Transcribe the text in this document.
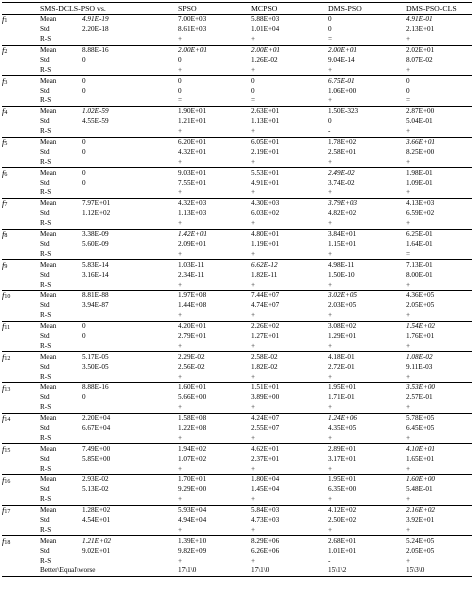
	SMS-DCLS-PSO vs.		SPSO	MCPSO	DMS-PSO	DMS-PSO-CLS
f1	Mean	4.91E-19	7.00E+03	5.88E+03	0	4.91E-01
	Std	2.20E-18	8.61E+03	1.01E+04	0	2.13E+01
	R-S		+	+	=	+
f2	Mean	8.88E-16	2.00E+01	2.00E+01	2.00E+01	2.02E+01
	Std	0	0	1.26E-02	9.04E-14	8.07E-02
	R-S		+	+	+	+
f3	Mean	0	0	0	6.75E-01	0
	Std	0	0	0	1.06E+00	0
	R-S		=	=	+	=
f4	Mean	1.02E-59	1.90E+01	2.63E+01	1.50E-323	2.87E+00
	Std	4.55E-59	1.21E+01	1.13E+01	0	5.04E-01
	R-S		+	+	-	+
f5	Mean	0	6.20E+01	6.05E+01	1.78E+02	3.66E+01
	Std	0	4.32E+01	2.19E+01	2.58E+01	8.25E+00
	R-S		+	+	+	+
f6	Mean	0	9.03E+01	5.53E+01	2.49E-02	1.98E-01
	Std	0	7.55E+01	4.91E+01	3.74E-02	1.09E-01
	R-S		+	+	+	+
f7	Mean	7.97E+01	4.32E+03	4.30E+03	3.79E+03	4.13E+03
	Std	1.12E+02	1.13E+03	6.03E+02	4.82E+02	6.59E+02
	R-S		+	+	+	+
f8	Mean	3.38E-09	1.42E+01	4.80E+01	3.84E+01	6.25E-01
	Std	5.60E-09	2.09E+01	1.19E+01	1.15E+01	1.64E-01
	R-S		+	+	+	=
f9	Mean	5.83E-14	1.03E-11	6.62E-12	4.98E-11	7.13E-01
	Std	3.16E-14	2.34E-11	1.82E-11	1.50E-10	8.00E-01
	R-S		+	+	+	+
f10	Mean	8.81E-88	1.97E+08	7.44E+07	3.02E+05	4.36E+05
	Std	3.94E-87	1.44E+08	4.74E+07	2.03E+05	2.05E+05
	R-S		+	+	+	+
f11	Mean	0	4.20E+01	2.26E+02	3.08E+02	1.54E+02
	Std	0	2.79E+01	1.27E+01	1.29E+01	1.76E+01
	R-S		+	+	+	+
f12	Mean	5.17E-05	2.29E-02	2.58E-02	4.18E-01	1.08E-02
	Std	3.50E-05	2.56E-02	1.82E-02	2.72E-01	9.11E-03
	R-S		+	+	+	+
f13	Mean	8.88E-16	1.60E+01	1.51E+01	1.95E+01	3.53E+00
	Std	0	5.66E+00	3.89E+00	1.71E-01	2.57E-01
	R-S		+	+	+	+
f14	Mean	2.20E+04	1.58E+08	4.24E+07	1.24E+06	5.78E+05
	Std	6.67E+04	1.22E+08	2.55E+07	4.35E+05	6.45E+05
	R-S		+	+	+	+
f15	Mean	7.49E+00	1.94E+02	4.62E+01	2.89E+01	4.10E+01
	Std	5.85E+00	1.07E+02	2.37E+01	3.17E+01	1.65E+01
	R-S		+	+	+	+
f16	Mean	2.93E-02	1.70E+01	1.80E+04	1.95E+01	1.60E+00
	Std	5.13E-02	9.29E+00	1.45E+04	6.35E+00	5.48E-01
	R-S		+	+	+	+
f17	Mean	1.28E+02	5.93E+04	5.84E+03	4.12E+02	2.16E+02
	Std	4.54E+01	4.94E+04	4.73E+03	2.50E+02	3.92E+01
	R-S		+	+	+	+
f18	Mean	1.21E+02	1.39E+10	8.29E+06	2.68E+01	5.24E+05
	Std	9.02E+01	9.82E+09	6.26E+06	1.01E+01	2.05E+05
	R-S		+	+	-	+
	Better\Equal\worse		17\1\0	17\1\0	15\1\2	15\3\0
